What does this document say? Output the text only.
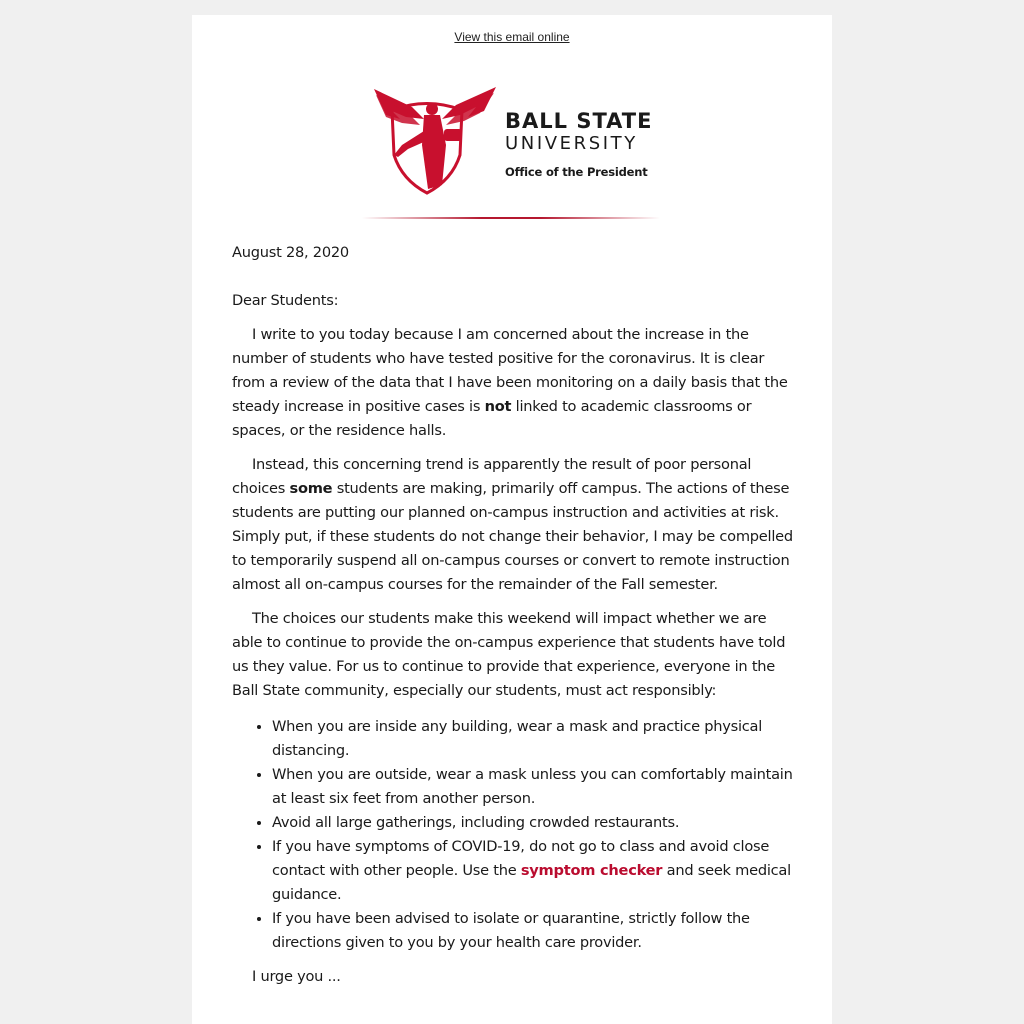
View this email online
BALL STATE
UNIVERSITY
Office of the President

August 28, 2020

Dear Students:

I write to you today because I am concerned about the increase in the number of students who have tested positive for the coronavirus. It is clear from a review of the data that I have been monitoring on a daily basis that the steady increase in positive cases is not linked to academic classrooms or spaces, or the residence halls.

Instead, this concerning trend is apparently the result of poor personal choices some students are making, primarily off campus. The actions of these students are putting our planned on-campus instruction and activities at risk. Simply put, if these students do not change their behavior, I may be compelled to temporarily suspend all on-campus courses or convert to remote instruction almost all on-campus courses for the remainder of the Fall semester.

The choices our students make this weekend will impact whether we are able to continue to provide the on-campus experience that students have told us they value. For us to continue to provide that experience, everyone in the Ball State community, especially our students, must act responsibly:

• When you are inside any building, wear a mask and practice physical distancing.
• When you are outside, wear a mask unless you can comfortably maintain at least six feet from another person.
• Avoid all large gatherings, including crowded restaurants.
• If you have symptoms of COVID-19, do not go to class and avoid close contact with other people. Use the symptom checker and seek medical guidance.
• If you have been advised to isolate or quarantine, strictly follow the directions given to you by your health care provider.

I urge you ...
